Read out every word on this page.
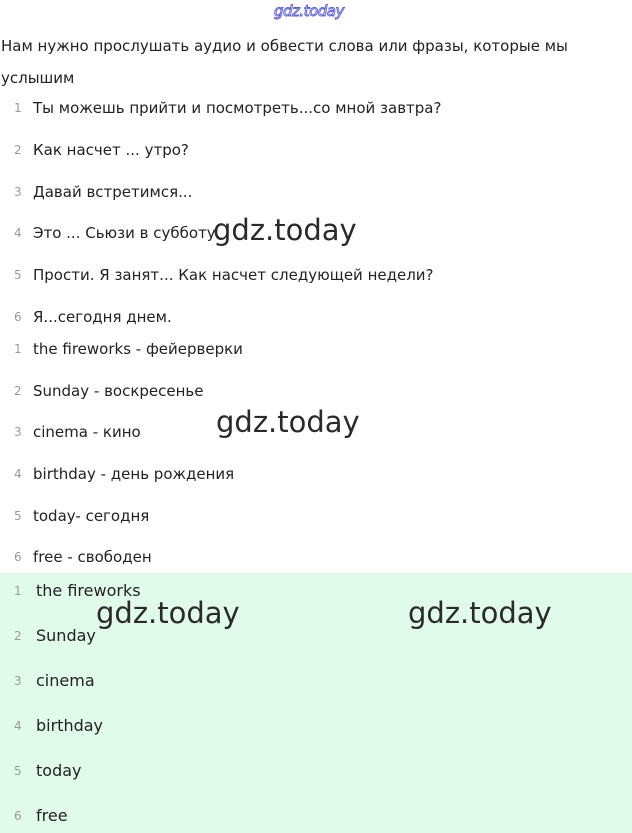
gdz.today
Нам нужно прослушать аудио и обвести слова или фразы, которые мы услышим
1 Ты можешь прийти и посмотреть...со мной завтра?
2 Как насчет ... утро?
3 Давай встретимся...
4 Это ... Сьюзи в субботу.
5 Прости. Я занят... Как насчет следующей недели?
6 Я...сегодня днем.
1 the fireworks - фейерверки
2 Sunday - воскресенье
3 cinema - кино
4 birthday - день рождения
5 today- сегодня
6 free - свободен
1 the fireworks
2 Sunday
3 cinema
4 birthday
5 today
6 free
gdz.today
gdz.today
gdz.today	gdz.today
